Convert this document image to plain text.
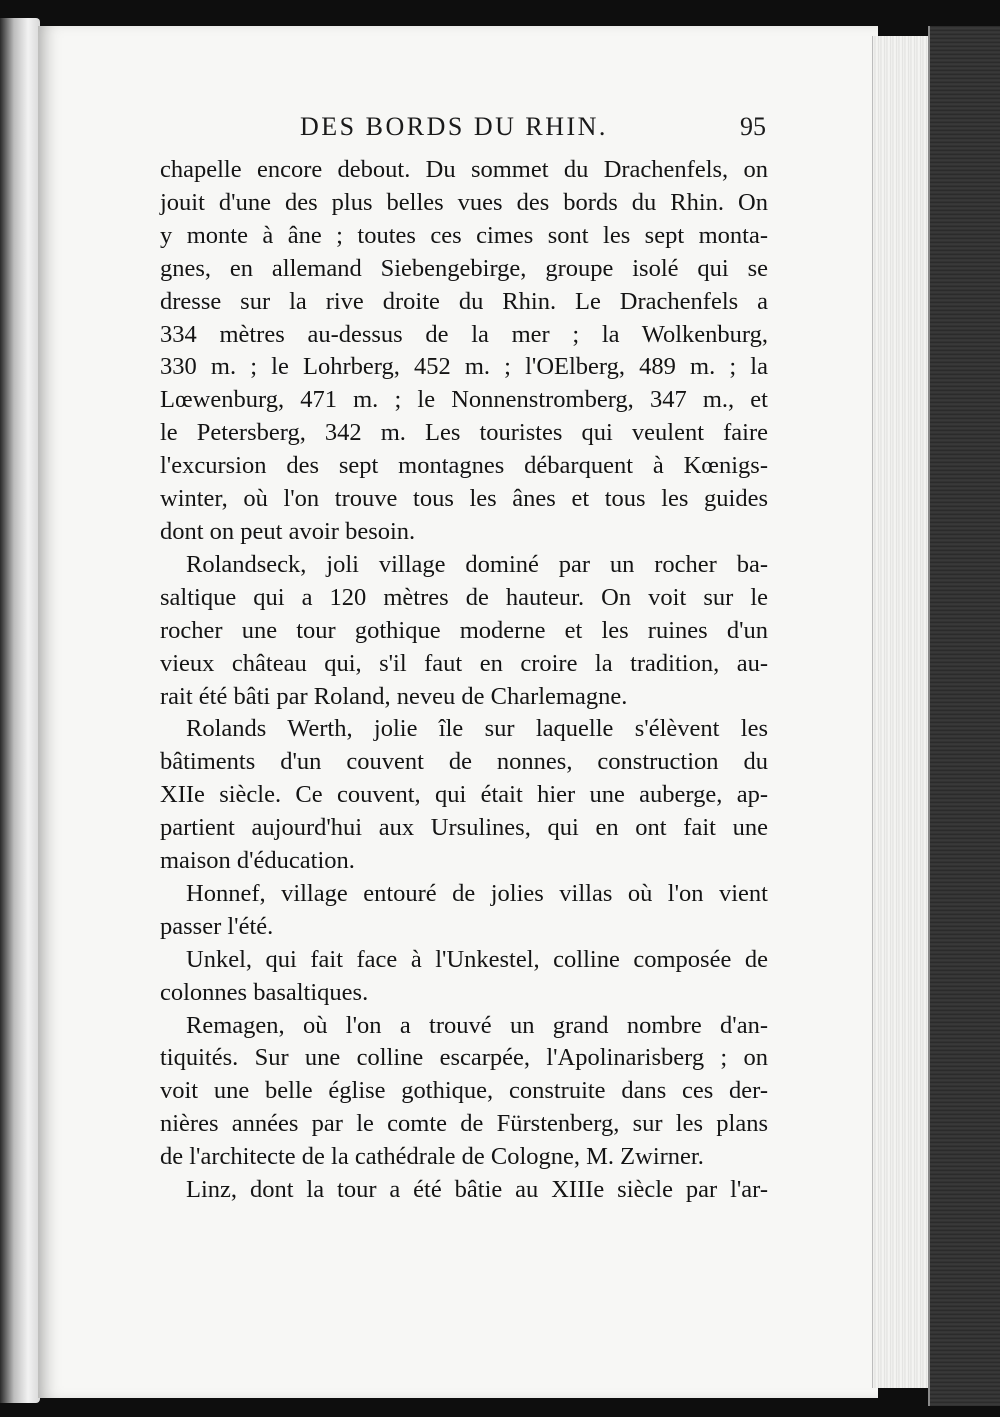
DES BORDS DU RHIN.	95

chapelle encore debout. Du sommet du Drachenfels, on

jouit d'une des plus belles vues des bords du Rhin. On

y monte à âne ; toutes ces cimes sont les sept monta-

gnes, en allemand Siebengebirge, groupe isolé qui se

dresse sur la rive droite du Rhin. Le Drachenfels a

334 mètres au-dessus de la mer ; la Wolkenburg,

330 m. ; le Lohrberg, 452 m. ; l'OElberg, 489 m. ; la

Lœwenburg, 471 m. ; le Nonnenstromberg, 347 m., et

le Petersberg, 342 m. Les touristes qui veulent faire

l'excursion des sept montagnes débarquent à Kœnigs-

winter, où l'on trouve tous les ânes et tous les guides

dont on peut avoir besoin.

Rolandseck, joli village dominé par un rocher ba-

saltique qui a 120 mètres de hauteur. On voit sur le

rocher une tour gothique moderne et les ruines d'un

vieux château qui, s'il faut en croire la tradition, au-

rait été bâti par Roland, neveu de Charlemagne.

Rolands Werth, jolie île sur laquelle s'élèvent les

bâtiments d'un couvent de nonnes, construction du

XIIe siècle. Ce couvent, qui était hier une auberge, ap-

partient aujourd'hui aux Ursulines, qui en ont fait une

maison d'éducation.

Honnef, village entouré de jolies villas où l'on vient

passer l'été.

Unkel, qui fait face à l'Unkestel, colline composée de

colonnes basaltiques.

Remagen, où l'on a trouvé un grand nombre d'an-

tiquités. Sur une colline escarpée, l'Apolinarisberg ; on

voit une belle église gothique, construite dans ces der-

nières années par le comte de Fürstenberg, sur les plans

de l'architecte de la cathédrale de Cologne, M. Zwirner.

Linz, dont la tour a été bâtie au XIIIe siècle par l'ar-
